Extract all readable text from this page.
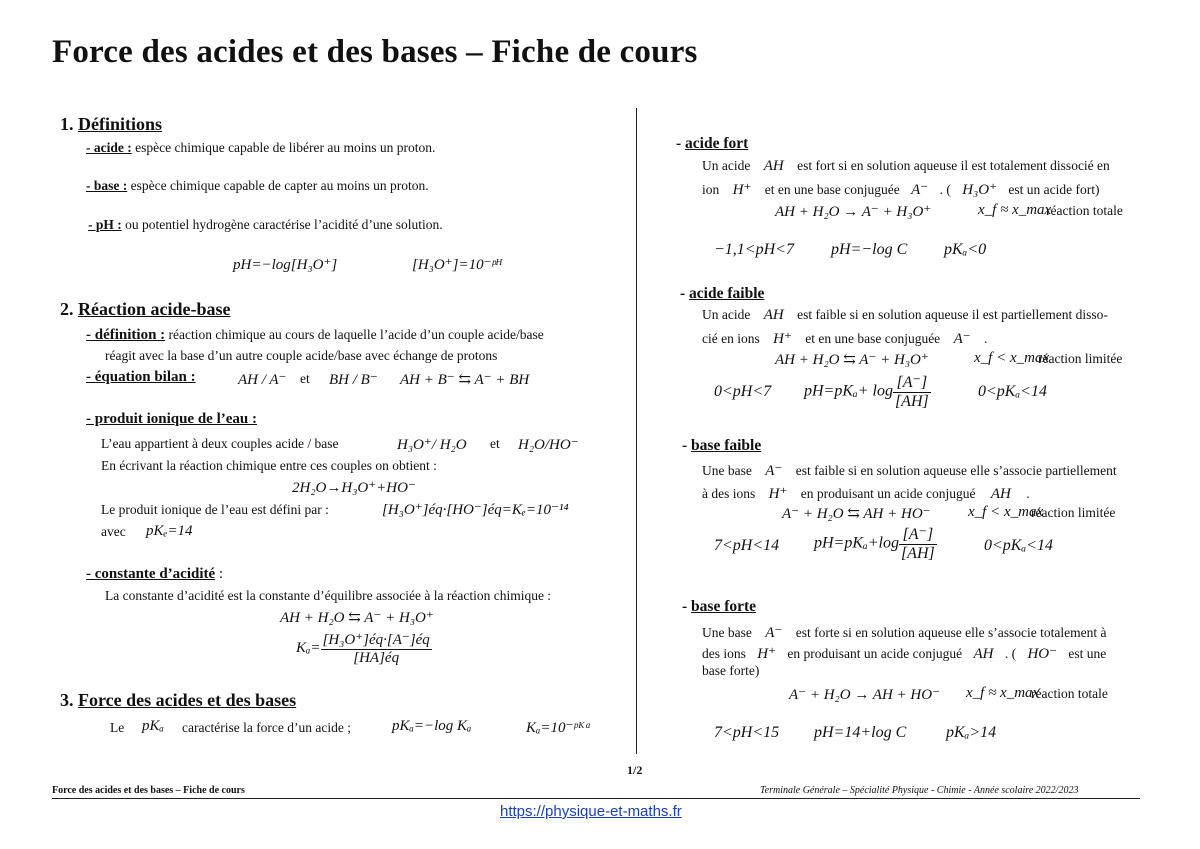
Force des acides et des bases – Fiche de cours
1. Définitions
- acide : espèce chimique capable de libérer au moins un proton.
- base : espèce chimique capable de capter au moins un proton.
- pH : ou potentiel hydrogène caractérise l’acidité d’une solution.
pH=−log[H₃O⁺]	[H₃O⁺]=10⁻ᵖᴴ
2. Réaction acide-base
- définition : réaction chimique au cours de laquelle l’acide d’un couple acide/base
réagit avec la base d’un autre couple acide/base avec échange de protons
- équation bilan :	AH / A⁻ et BH / B⁻ AH + B⁻ ⇆ A⁻ + BH
- produit ionique de l’eau :
L’eau appartient à deux couples acide / base	H₃O⁺/ H₂O et H₂O/HO⁻
En écrivant la réaction chimique entre ces couples on obtient :
2H₂O→H₃O⁺+HO⁻
Le produit ionique de l’eau est défini par :	[H₃O⁺]éq·[HO⁻]éq=Kₑ=10⁻¹⁴
avec pKₑ=14
- constante d’acidité :
La constante d’acidité est la constante d’équilibre associée à la réaction chimique :
AH + H₂O ⇆ A⁻ + H₃O⁺
$K_a= \frac{\text{[H₃O⁺]éq·[A⁻]éq}}{[HA]éq}$
3. Force des acides et des bases
Le pKₐ caractérise la force d’un acide ;	pKₐ=−log Kₐ	Kₐ=10⁻ᵖᴷᵃ
- acide fort
Un acide AH est fort si en solution aqueuse il est totalement dissocié en
ion H⁺ et en une base conjuguée A⁻ . ( H₃O⁺ est un acide fort)
AH + H₂O → A⁻ + H₃O⁺	x_f ≈ x_max
réaction totale
−1,1<pH<7 pH=−log C pKₐ<0
- acide faible
Un acide AH est faible si en solution aqueuse il est partiellement disso-
cié en ions H⁺ et en une base conjuguée A⁻ .
AH + H₂O ⇆ A⁻ + H₃O⁺	x_f < x_max
réaction limitée
0<pH<7 $pH=pK_a+ \log \frac{[A^-]}{[AH]}$	0<pKₐ<14
- base faible
Une base A⁻ est faible si en solution aqueuse elle s’associe partiellement
à des ions H⁺ en produisant un acide conjugué AH .
A⁻ + H₂O ⇆ AH + HO⁻ x_f < x_max
réaction limitée
7<pH<14 $pH=pK_a+\log \frac{[A^-]}{[AH]}$	0<pKₐ<14
- base forte
Une base A⁻ est forte si en solution aqueuse elle s’associe totalement à
des ions H⁺ en produisant un acide conjugué AH . ( HO⁻ est une
base forte)
A⁻ + H₂O → AH + HO⁻ x_f ≈ x_max
réaction totale
7<pH<15 pH=14+log C pKₐ>14
1/2
Force des acides et des bases – Fiche de cours	Terminale Générale – Spécialité Physique - Chimie - Année scolaire 2022/2023
https://physique-et-maths.fr
